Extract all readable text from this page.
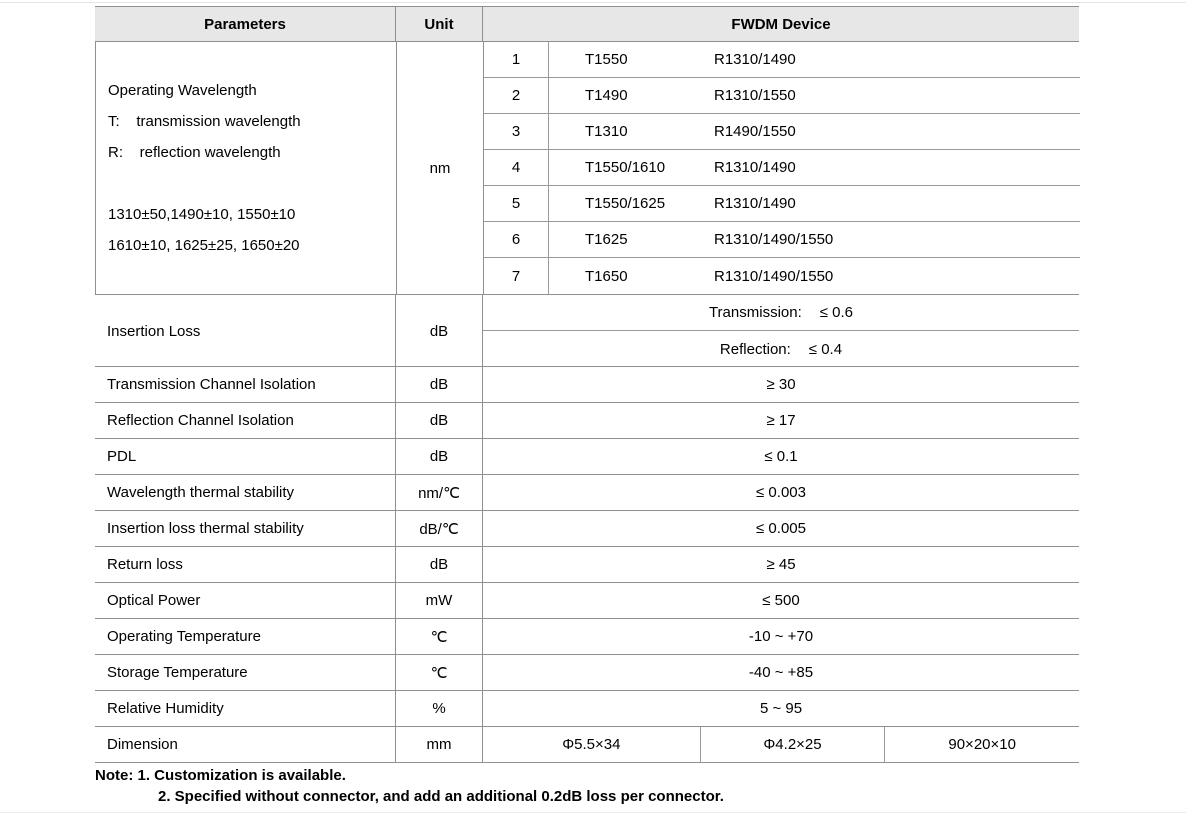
Parameters	Unit	FWDM Device
Operating Wavelength
T:    transmission wavelength
R:    reflection wavelength
1310±50,1490±10, 1550±10
1610±10, 1625±25, 1650±20
nm
1	T1550	R1310/1490
2	T1490	R1310/1550
3	T1310	R1490/1550
4	T1550/1610	R1310/1490
5	T1550/1625	R1310/1490
6	T1625	R1310/1490/1550
7	T1650	R1310/1490/1550
Insertion Loss	dB
Transmission: ≤ 0.6
Reflection: ≤ 0.4
Transmission Channel Isolation	dB	≥ 30
Reflection Channel Isolation	dB	≥ 17
PDL	dB	≤ 0.1
Wavelength thermal stability	nm/℃	≤ 0.003
Insertion loss thermal stability	dB/℃	≤ 0.005
Return loss	dB	≥ 45
Optical Power	mW	≤ 500
Operating Temperature	℃	-10 ~ +70
Storage Temperature	℃	-40 ~ +85
Relative Humidity	%	5 ~ 95
Dimension	mm	Φ5.5×34	Φ4.2×25	90×20×10
Note: 1. Customization is available.
2. Specified without connector, and add an additional 0.2dB loss per connector.
